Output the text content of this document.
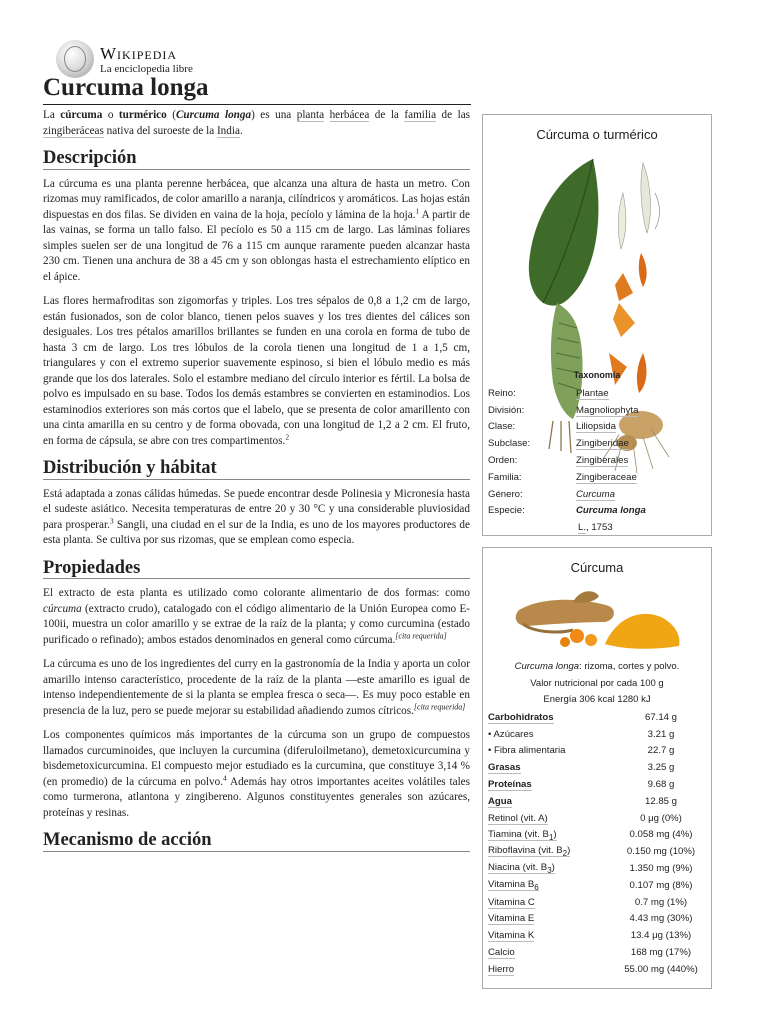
Wikipedia
La enciclopedia libre
Curcuma longa

La cúrcuma o turmérico (Curcuma longa) es una planta herbácea de la familia de las zingiberáceas nativa del suroeste de la India.

Descripción

La cúrcuma es una planta perenne herbácea, que alcanza una altura de hasta un metro. Con rizomas muy ramificados, de color amarillo a naranja, cilíndricos y aromáticos. Las hojas están dispuestas en dos filas. Se dividen en vaina de la hoja, pecíolo y lámina de la hoja.$^1$ A partir de las vainas, se forma un tallo falso. El pecíolo es 50 a 115 cm de largo. Las láminas foliares simples suelen ser de una longitud de 76 a 115 cm aunque raramente pueden alcanzar hasta 230 cm. Tienen una anchura de 38 a 45 cm y son oblongas hasta el estrechamiento elíptico en el ápice.

Las flores hermafroditas son zigomorfas y triples. Los tres sépalos de 0,8 a 1,2 cm de largo, están fusionados, son de color blanco, tienen pelos suaves y los tres dientes del cálices son desiguales. Los tres pétalos amarillos brillantes se funden en una corola en forma de tubo de hasta 3 cm de largo. Los tres lóbulos de la corola tienen una longitud de 1 a 1,5 cm, triangulares y con el extremo superior suavemente espinoso, si bien el lóbulo medio es más grande que los dos laterales. Solo el estambre mediano del círculo interior es fértil. La bolsa de polvo es impulsado en su base. Todos los demás estambres se convierten en estaminodios. Los estaminodios exteriores son más cortos que el labelo, que se presenta de color amarillento con una cinta amarilla en su centro y de forma obovada, con una longitud de 1,2 a 2 cm. El fruto, en forma de cápsula, se abre con tres compartimentos.$^2$

Distribución y hábitat

Está adaptada a zonas cálidas húmedas. Se puede encontrar desde Polinesia y Micronesia hasta el sudeste asiático. Necesita temperaturas de entre 20 y 30 °C y una considerable pluviosidad para prosperar.$^3$ Sangli, una ciudad en el sur de la India, es uno de los mayores productores de esta planta. Se cultiva por sus rizomas, que se emplean como especia.

Propiedades

El extracto de esta planta es utilizado como colorante alimentario de dos formas: como cúrcuma (extracto crudo), catalogado con el código alimentario de la Unión Europea como E-100ii, muestra un color amarillo y se extrae de la raíz de la planta; y como curcumina (estado purificado o refinado); ambos estados denominados en general como cúrcuma.[cita requerida]

La cúrcuma es uno de los ingredientes del curry en la gastronomía de la India y aporta un color amarillo intenso característico, procedente de la raíz de la planta —este amarillo es igual de intenso independientemente de si la planta se emplea fresca o seca—. Es muy poco estable en presencia de la luz, pero se puede mejorar su estabilidad añadiendo zumos cítricos.[cita requerida]

Los componentes químicos más importantes de la cúrcuma son un grupo de compuestos llamados curcuminoides, que incluyen la curcumina (diferuloilmetano), demetoxicurcumina y bisdemetoxicurcumina. El compuesto mejor estudiado es la curcumina, que constituye 3,14 % (en promedio) de la cúrcuma en polvo.$^4$ Además hay otros importantes aceites volátiles tales como turmerona, atlantona y zingibereno. Algunos constituyentes generales son azúcares, proteínas y resinas.

Mecanismo de acción
Cúrcuma o turmérico
Taxonomía
Reino:	Plantae
División:	Magnoliophyta
Clase:	Liliopsida
Subclase:	Zingiberidae
Orden:	Zingiberales
Familia:	Zingiberaceae
Género:	Curcuma
Especie:	Curcuma longa
	L., 1753
Cúrcuma
Curcuma longa: rizoma, cortes y polvo.
Valor nutricional por cada 100 g
Energía 306 kcal 1280 kJ
Carbohidratos	67.14 g
• Azúcares	3.21 g
• Fibra alimentaria	22.7 g
Grasas	3.25 g
Proteínas	9.68 g
Agua	12.85 g
Retinol (vit. A)	0 μg (0%)
Tiamina (vit. $B_1$)	0.058 mg (4%)
Riboflavina (vit. $B_2$)	0.150 mg (10%)
Niacina (vit. $B_3$)	1.350 mg (9%)
Vitamina $B_6$	0.107 mg (8%)
Vitamina C	0.7 mg (1%)
Vitamina E	4.43 mg (30%)
Vitamina K	13.4 μg (13%)
Calcio	168 mg (17%)
Hierro	55.00 mg (440%)
